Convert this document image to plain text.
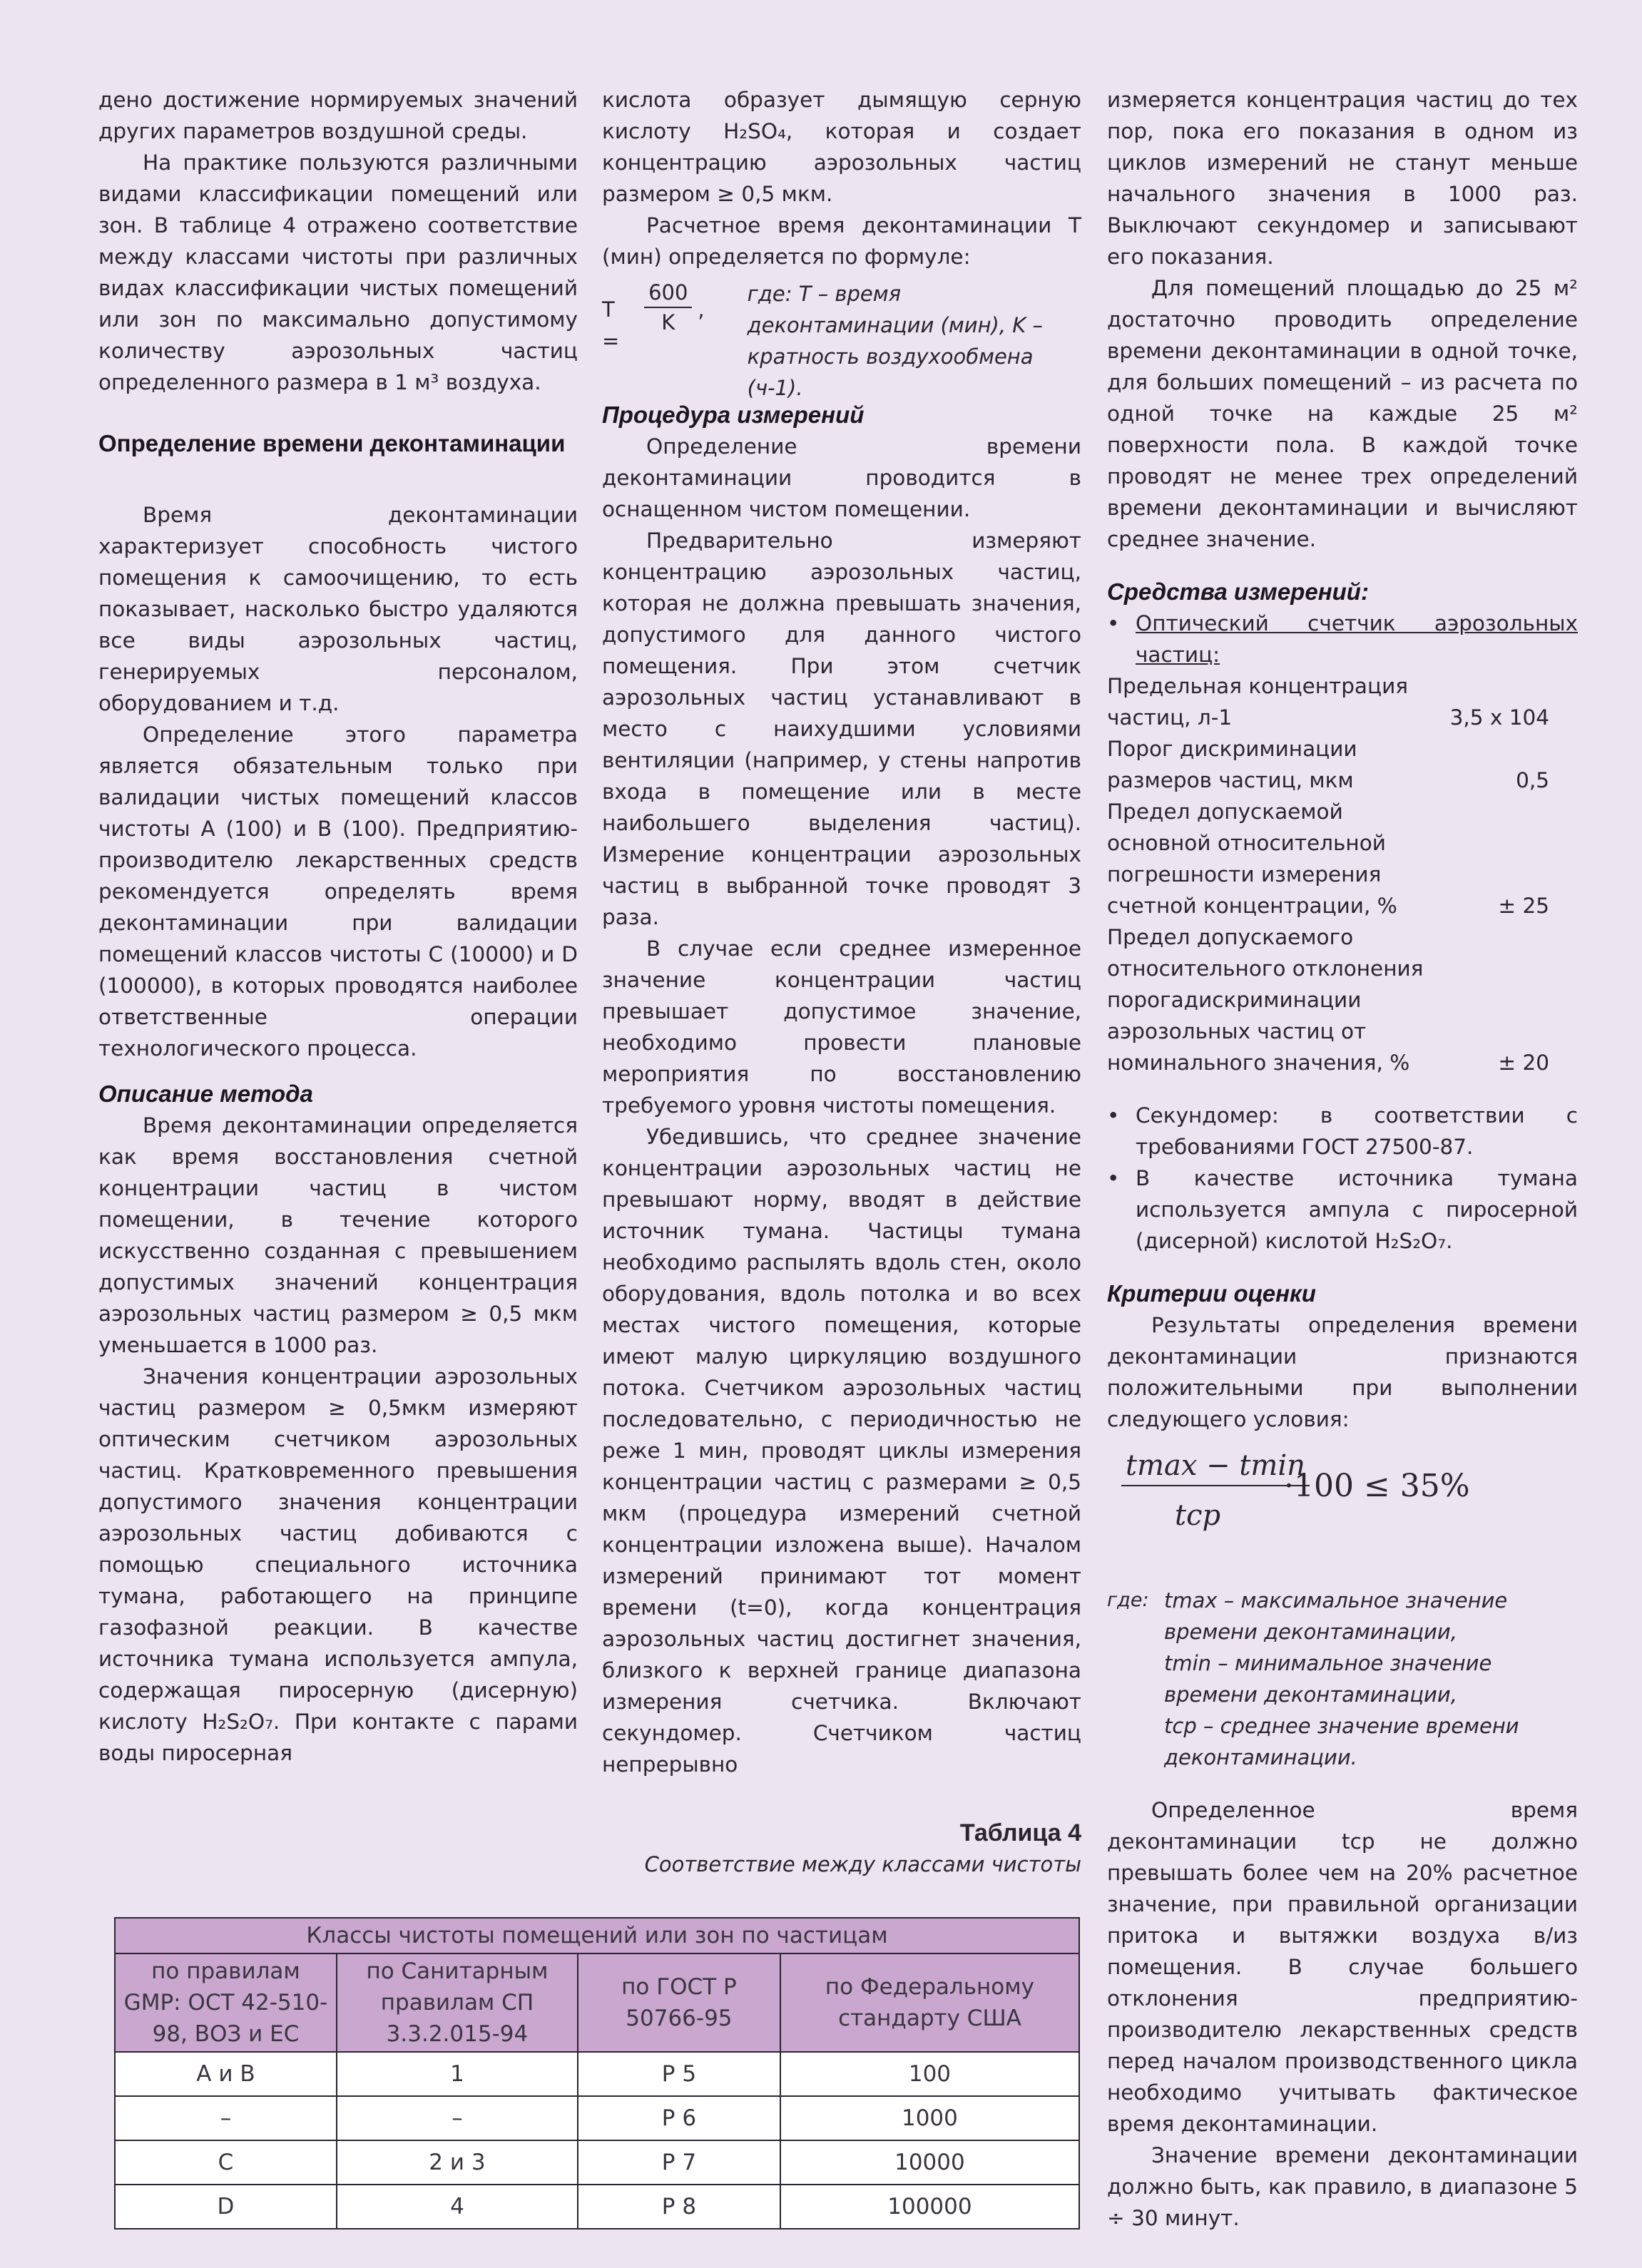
дено достижение нормируемых значений других параметров воздушной среды.

На практике пользуются различными видами классификации помещений или зон. В таблице 4 отражено соответствие между классами чистоты при различных видах классификации чистых помещений или зон по максимально допустимому количеству аэрозольных частиц определенного размера в 1 м³ воздуха.

Определение времени деконтаминации

Время деконтаминации характеризует способность чистого помещения к самоочищению, то есть показывает, насколько быстро удаляются все виды аэрозольных частиц, генерируемых персоналом, оборудованием и т.д.

Определение этого параметра является обязательным только при валидации чистых помещений классов чистоты А (100) и В (100). Предприятию-производителю лекарственных средств рекомендуется определять время деконтаминации при валидации помещений классов чистоты С (10000) и D (100000), в которых проводятся наиболее ответственные операции технологического процесса.

Описание метода

Время деконтаминации определяется как время восстановления счетной концентрации частиц в чистом помещении, в течение которого искусственно созданная с превышением допустимых значений концентрация аэрозольных частиц размером ≥ 0,5 мкм уменьшается в 1000 раз.

Значения концентрации аэрозольных частиц размером ≥ 0,5мкм измеряют оптическим счетчиком аэрозольных частиц. Кратковременного превышения допустимого значения концентрации аэрозольных частиц добиваются с помощью специального источника тумана, работающего на принципе газофазной реакции. В качестве источника тумана используется ампула, содержащая пиросерную (дисерную) кислоту H₂S₂O₇. При контакте с парами воды пиросерная

кислота образует дымящую серную кислоту H₂SO₄, которая и создает концентрацию аэрозольных частиц размером ≥ 0,5 мкм.

Расчетное время деконтаминации T (мин) определяется по формуле:

T =
$\frac{600}{K}$ ,
где: T – время деконтаминации (мин), K – кратность воздухообмена (ч-1).

Процедура измерений

Определение времени деконтаминации проводится в оснащенном чистом помещении.

Предварительно измеряют концентрацию аэрозольных частиц, которая не должна превышать значения, допустимого для данного чистого помещения. При этом счетчик аэрозольных частиц устанавливают в место с наихудшими условиями вентиляции (например, у стены напротив входа в помещение или в месте наибольшего выделения частиц). Измерение концентрации аэрозольных частиц в выбранной точке проводят 3 раза.

В случае если среднее измеренное значение концентрации частиц превышает допустимое значение, необходимо провести плановые мероприятия по восстановлению требуемого уровня чистоты помещения.

Убедившись, что среднее значение концентрации аэрозольных частиц не превышают норму, вводят в действие источник тумана. Частицы тумана необходимо распылять вдоль стен, около оборудования, вдоль потолка и во всех местах чистого помещения, которые имеют малую циркуляцию воздушного потока. Счетчиком аэрозольных частиц последовательно, с периодичностью не реже 1 мин, проводят циклы измерения концентрации частиц с размерами ≥ 0,5 мкм (процедура измерений счетной концентрации изложена выше). Началом измерений принимают тот момент времени (t=0), когда концентрация аэрозольных частиц достигнет значения, близкого к верхней границе диапазона измерения счетчика. Включают секундомер. Счетчиком частиц непрерывно

измеряется концентрация частиц до тех пор, пока его показания в одном из циклов измерений не станут меньше начального значения в 1000 раз. Выключают секундомер и записывают его показания.

Для помещений площадью до 25 м² достаточно проводить определение времени деконтаминации в одной точке, для больших помещений – из расчета по одной точке на каждые 25 м² поверхности пола. В каждой точке проводят не менее трех определений времени деконтаминации и вычисляют среднее значение.

Средства измерений:

• Оптический счетчик аэрозольных частиц:
Предельная концентрация частиц, л-1	3,5 x 104
Порог дискриминации размеров частиц, мкм	0,5
Предел допускаемой основной относительной погрешности измерения счетной концентрации, %	± 25
Предел допускаемого относительного отклонения порогадискриминации аэрозольных частиц от номинального значения, %	± 20
• Секундомер: в соответствии с требованиями ГОСТ 27500-87.
• В качестве источника тумана используется ампула с пиросерной (дисерной) кислотой H₂S₂O₇.

Критерии оценки

Результаты определения времени деконтаминации признаются положительными при выполнении следующего условия:

tmax − tmin
tcp
·100 ≤ 35%
где: tmax – максимальное значение времени деконтаминации,
tmin – минимальное значение времени деконтаминации,
tcp – среднее значение времени деконтаминации.

Определенное время деконтаминации tcp не должно превышать более чем на 20% расчетное значение, при правильной организации притока и вытяжки воздуха в/из помещения. В случае большего отклонения предприятию-производителю лекарственных средств перед началом производственного цикла необходимо учитывать фактическое время деконтаминации.

Значение времени деконтаминации должно быть, как правило, в диапазоне 5 ÷ 30 минут.

Таблица 4
Соответствие между классами чистоты
Классы чистоты помещений или зон по частицам			
по правилам GMP: ОСТ 42-510-98, ВОЗ и ЕС	по Санитарным правилам СП 3.3.2.015-94	по ГОСТ Р 50766-95	по Федеральному стандарту США
А и В	1	Р 5	100
–	–	Р 6	1000
С	2 и 3	Р 7	10000
D	4	Р 8	100000
